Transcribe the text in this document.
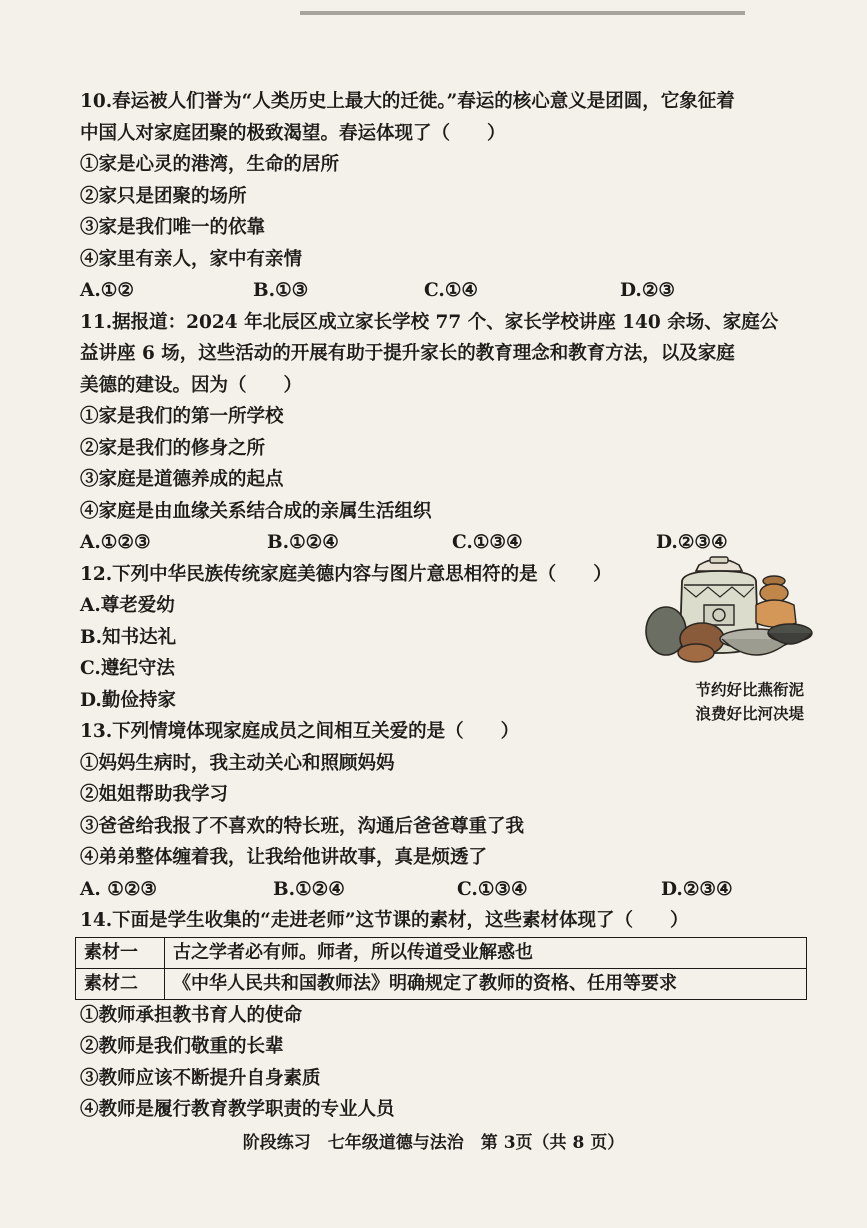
10.春运被人们誉为“人类历史上最大的迁徙。”春运的核心意义是团圆，它象征着
中国人对家庭团聚的极致渴望。春运体现了（　　）
①家是心灵的港湾，生命的居所
②家只是团聚的场所
③家是我们唯一的依靠
④家里有亲人，家中有亲情
A.①②	B.①③	C.①④	D.②③
11.据报道：2024 年北辰区成立家长学校 77 个、家长学校讲座 140 余场、家庭公
益讲座 6 场，这些活动的开展有助于提升家长的教育理念和教育方法，以及家庭
美德的建设。因为（　　）
①家是我们的第一所学校
②家是我们的修身之所
③家庭是道德养成的起点
④家庭是由血缘关系结合成的亲属生活组织
A.①②③	B.①②④	C.①③④	D.②③④
12.下列中华民族传统家庭美德内容与图片意思相符的是（　　）
A.尊老爱幼
B.知书达礼
C.遵纪守法
D.勤俭持家	节约好比燕衔泥
浪费好比河决堤
13.下列情境体现家庭成员之间相互关爱的是（　　）
①妈妈生病时，我主动关心和照顾妈妈
②姐姐帮助我学习
③爸爸给我报了不喜欢的特长班，沟通后爸爸尊重了我
④弟弟整体缠着我，让我给他讲故事，真是烦透了
A. ①②③	B.①②④	C.①③④	D.②③④
14.下面是学生收集的“走进老师”这节课的素材，这些素材体现了（　　）
素材一	古之学者必有师。师者，所以传道受业解惑也
素材二	《中华人民共和国教师法》明确规定了教师的资格、任用等要求
①教师承担教书育人的使命
②教师是我们敬重的长辈
③教师应该不断提升自身素质
④教师是履行教育教学职责的专业人员
阶段练习　七年级道德与法治　第 3页（共 8 页）
